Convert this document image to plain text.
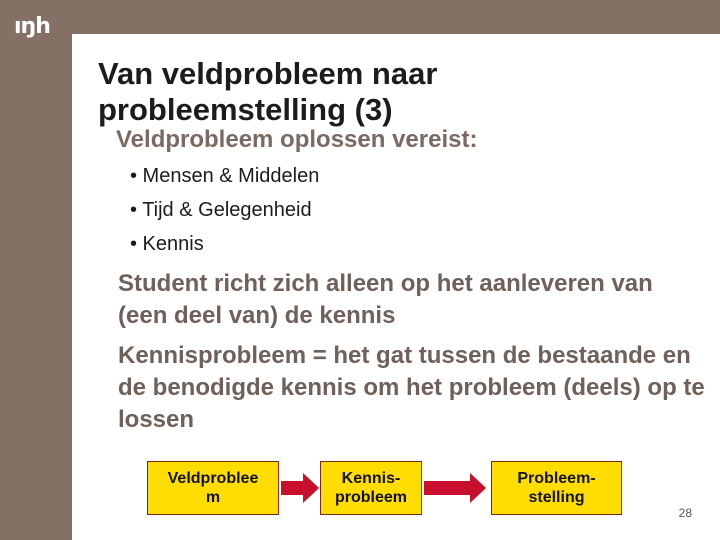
ıŋh
Van veldprobleem naar probleemstelling (3)
Veldprobleem oplossen vereist:
• Mensen & Middelen
• Tijd & Gelegenheid
• Kennis
Student richt zich alleen op het aanleveren van (een deel van) de kennis
Kennisprobleem = het gat tussen de bestaande en de benodigde kennis om het probleem (deels) op te lossen
Veldproblee
m
Kennis-
probleem
Probleem-
stelling
28
